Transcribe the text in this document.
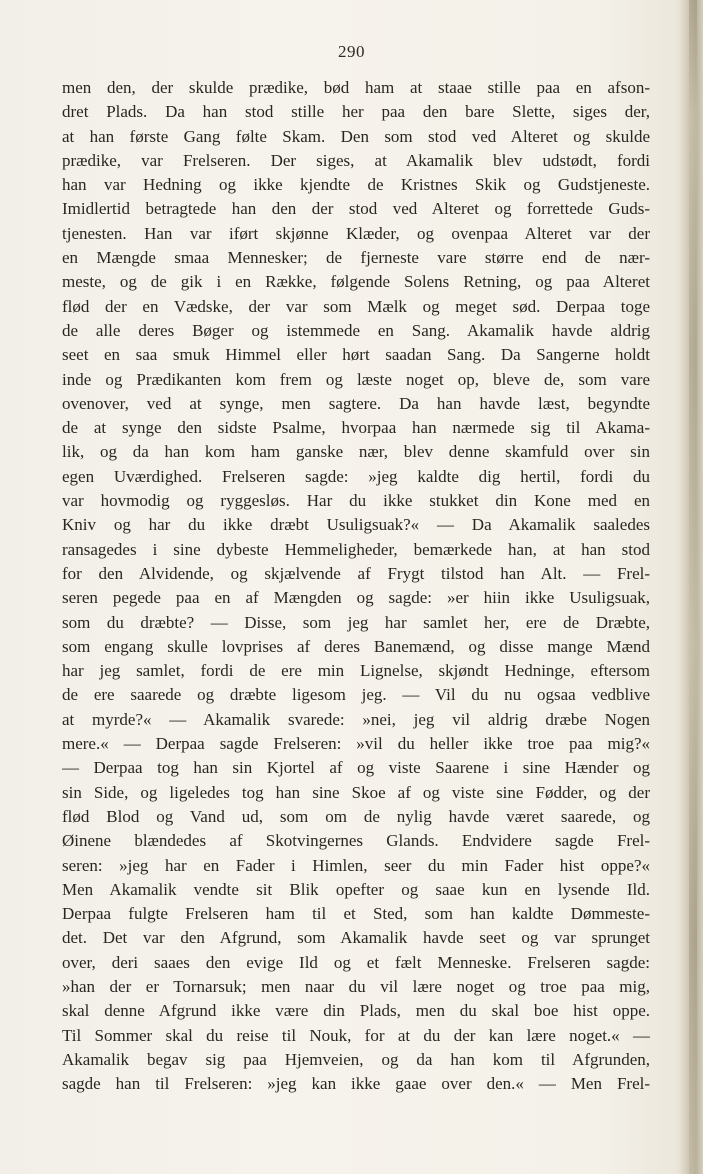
290
men den, der skulde prædike, bød ham at staae stille paa en afson-
dret Plads. Da han stod stille her paa den bare Slette, siges der,
at han første Gang følte Skam. Den som stod ved Alteret og skulde
prædike, var Frelseren. Der siges, at Akamalik blev udstødt, fordi
han var Hedning og ikke kjendte de Kristnes Skik og Gudstjeneste.
Imidlertid betragtede han den der stod ved Alteret og forrettede Guds-
tjenesten. Han var iført skjønne Klæder, og ovenpaa Alteret var der
en Mængde smaa Mennesker; de fjerneste vare større end de nær-
meste, og de gik i en Række, følgende Solens Retning, og paa Alteret
flød der en Vædske, der var som Mælk og meget sød. Derpaa toge
de alle deres Bøger og istemmede en Sang. Akamalik havde aldrig
seet en saa smuk Himmel eller hørt saadan Sang. Da Sangerne holdt
inde og Prædikanten kom frem og læste noget op, bleve de, som vare
ovenover, ved at synge, men sagtere. Da han havde læst, begyndte
de at synge den sidste Psalme, hvorpaa han nærmede sig til Akama-
lik, og da han kom ham ganske nær, blev denne skamfuld over sin
egen Uværdighed. Frelseren sagde: »jeg kaldte dig hertil, fordi du
var hovmodig og ryggesløs. Har du ikke stukket din Kone med en
Kniv og har du ikke dræbt Usuligsuak?« — Da Akamalik saaledes
ransagedes i sine dybeste Hemmeligheder, bemærkede han, at han stod
for den Alvidende, og skjælvende af Frygt tilstod han Alt. — Frel-
seren pegede paa en af Mængden og sagde: »er hiin ikke Usuligsuak,
som du dræbte? — Disse, som jeg har samlet her, ere de Dræbte,
som engang skulle lovprises af deres Banemænd, og disse mange Mænd
har jeg samlet, fordi de ere min Lignelse, skjøndt Hedninge, eftersom
de ere saarede og dræbte ligesom jeg. — Vil du nu ogsaa vedblive
at myrde?« — Akamalik svarede: »nei, jeg vil aldrig dræbe Nogen
mere.« — Derpaa sagde Frelseren: »vil du heller ikke troe paa mig?«
— Derpaa tog han sin Kjortel af og viste Saarene i sine Hænder og
sin Side, og ligeledes tog han sine Skoe af og viste sine Fødder, og der
flød Blod og Vand ud, som om de nylig havde været saarede, og
Øinene blændedes af Skotvingernes Glands. Endvidere sagde Frel-
seren: »jeg har en Fader i Himlen, seer du min Fader hist oppe?«
Men Akamalik vendte sit Blik opefter og saae kun en lysende Ild.
Derpaa fulgte Frelseren ham til et Sted, som han kaldte Dømmeste-
det. Det var den Afgrund, som Akamalik havde seet og var sprunget
over, deri saaes den evige Ild og et fælt Menneske. Frelseren sagde:
»han der er Tornarsuk; men naar du vil lære noget og troe paa mig,
skal denne Afgrund ikke være din Plads, men du skal boe hist oppe.
Til Sommer skal du reise til Nouk, for at du der kan lære noget.« —
Akamalik begav sig paa Hjemveien, og da han kom til Afgrunden,
sagde han til Frelseren: »jeg kan ikke gaae over den.« — Men Frel-
